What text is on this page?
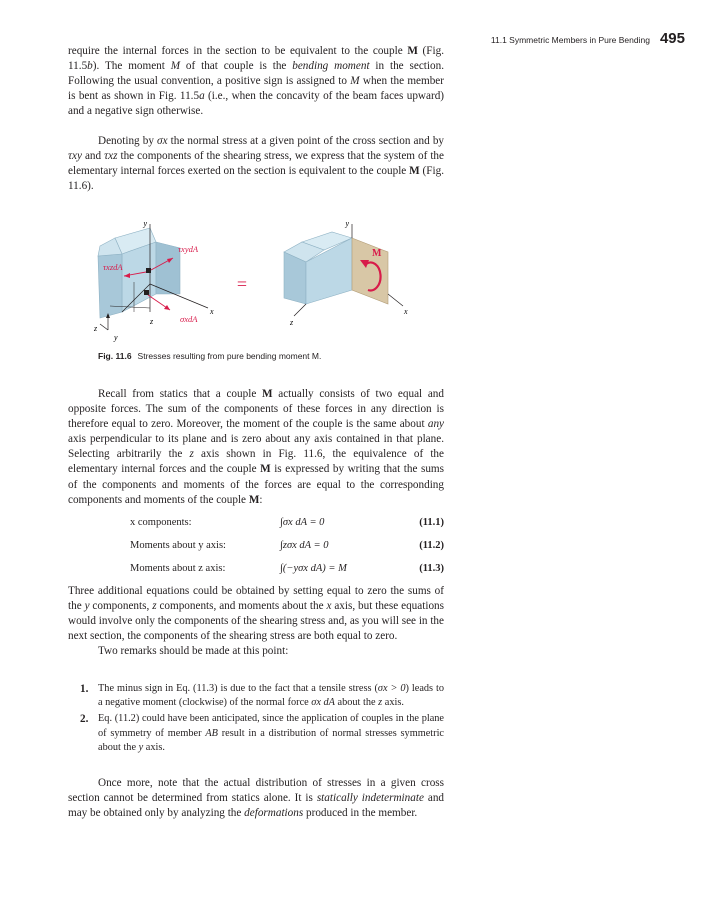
11.1 Symmetric Members in Pure Bending 495

require the internal forces in the section to be equivalent to the couple M (Fig. 11.5b). The moment M of that couple is the bending moment in the section. Following the usual convention, a positive sign is assigned to M when the member is bent as shown in Fig. 11.5a (i.e., when the concavity of the beam faces upward) and a negative sign otherwise.

Denoting by σx the normal stress at a given point of the cross section and by τxy and τxz the components of the shearing stress, we express that the system of the elementary internal forces exerted on the section is equivalent to the couple M (Fig. 11.6).

y
x
z
τxydA
τxzdA
σxdA
z
y
=
y
x
z
M
Fig. 11.6 Stresses resulting from pure bending moment M.

Recall from statics that a couple M actually consists of two equal and opposite forces. The sum of the components of these forces in any direction is therefore equal to zero. Moreover, the moment of the couple is the same about any axis perpendicular to its plane and is zero about any axis contained in that plane. Selecting arbitrarily the z axis shown in Fig. 11.6, the equivalence of the elementary internal forces and the couple M is expressed by writing that the sums of the components and moments of the forces are equal to the corresponding components and moments of the couple M:

x components:	∫σx dA = 0	(11.1)
Moments about y axis:	∫zσx dA = 0	(11.2)
Moments about z axis:	∫(−yσx dA) = M	(11.3)

Three additional equations could be obtained by setting equal to zero the sums of the y components, z components, and moments about the x axis, but these equations would involve only the components of the shearing stress and, as you will see in the next section, the components of the shearing stress are both equal to zero.

Two remarks should be made at this point:

1. The minus sign in Eq. (11.3) is due to the fact that a tensile stress (σx > 0) leads to a negative moment (clockwise) of the normal force σx dA about the z axis.
2. Eq. (11.2) could have been anticipated, since the application of couples in the plane of symmetry of member AB result in a distribution of normal stresses symmetric about the y axis.

Once more, note that the actual distribution of stresses in a given cross section cannot be determined from statics alone. It is statically indeterminate and may be obtained only by analyzing the deformations produced in the member.
